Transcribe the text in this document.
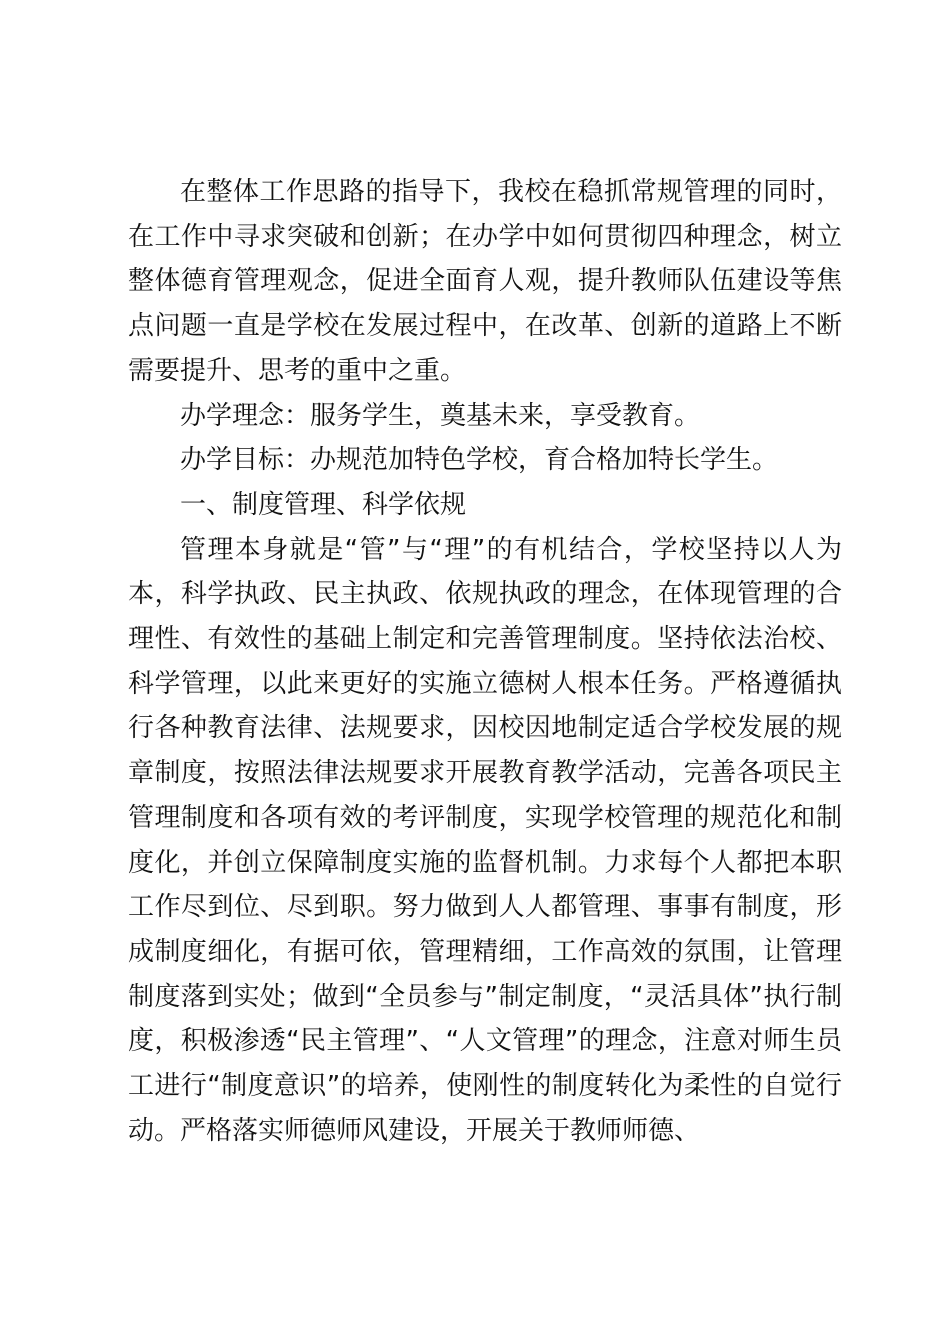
在整体工作思路的指导下，我校在稳抓常规管理的同时，在工作中寻求突破和创新；在办学中如何贯彻四种理念，树立整体德育管理观念，促进全面育人观，提升教师队伍建设等焦点问题一直是学校在发展过程中，在改革、创新的道路上不断需要提升、思考的重中之重。

办学理念：服务学生，奠基未来，享受教育。

办学目标：办规范加特色学校，育合格加特长学生。

一、制度管理、科学依规

管理本身就是“管”与“理”的有机结合，学校坚持以人为本，科学执政、民主执政、依规执政的理念，在体现管理的合理性、有效性的基础上制定和完善管理制度。坚持依法治校、科学管理，以此来更好的实施立德树人根本任务。严格遵循执行各种教育法律、法规要求，因校因地制定适合学校发展的规章制度，按照法律法规要求开展教育教学活动，完善各项民主管理制度和各项有效的考评制度，实现学校管理的规范化和制度化，并创立保障制度实施的监督机制。力求每个人都把本职工作尽到位、尽到职。努力做到人人都管理、事事有制度，形成制度细化，有据可依，管理精细，工作高效的氛围，让管理制度落到实处；做到“全员参与”制定制度，“灵活具体”执行制度，积极渗透“民主管理”、“人文管理”的理念，注意对师生员工进行“制度意识”的培养，使刚性的制度转化为柔性的自觉行动。严格落实师德师风建设，开展关于教师师德、
